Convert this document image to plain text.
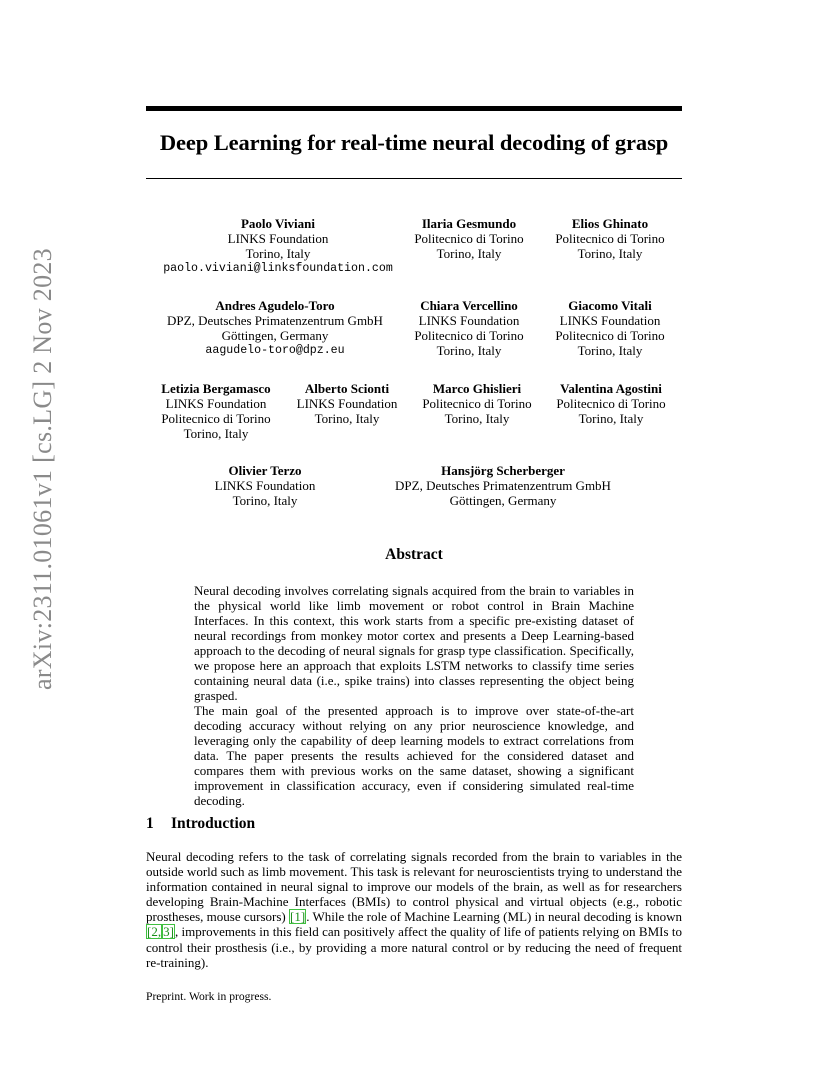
arXiv:2311.01061v1 [cs.LG] 2 Nov 2023
Deep Learning for real-time neural decoding of grasp
Paolo Viviani
LINKS Foundation
Torino, Italy
paolo.viviani@linksfoundation.com
Ilaria Gesmundo
Politecnico di Torino
Torino, Italy
Elios Ghinato
Politecnico di Torino
Torino, Italy
Andres Agudelo-Toro
DPZ, Deutsches Primatenzentrum GmbH
Göttingen, Germany
aagudelo-toro@dpz.eu
Chiara Vercellino
LINKS Foundation
Politecnico di Torino
Torino, Italy
Giacomo Vitali
LINKS Foundation
Politecnico di Torino
Torino, Italy
Letizia Bergamasco
LINKS Foundation
Politecnico di Torino
Torino, Italy
Alberto Scionti
LINKS Foundation
Torino, Italy
Marco Ghislieri
Politecnico di Torino
Torino, Italy
Valentina Agostini
Politecnico di Torino
Torino, Italy
Olivier Terzo
LINKS Foundation
Torino, Italy
Hansjörg Scherberger
DPZ, Deutsches Primatenzentrum GmbH
Göttingen, Germany
Abstract

Neural decoding involves correlating signals acquired from the brain to variables in the physical world like limb movement or robot control in Brain Machine Interfaces. In this context, this work starts from a specific pre-existing dataset of neural recordings from monkey motor cortex and presents a Deep Learning-based approach to the decoding of neural signals for grasp type classification. Specifically, we propose here an approach that exploits LSTM networks to classify time series containing neural data (i.e., spike trains) into classes representing the object being grasped.

The main goal of the presented approach is to improve over state-of-the-art decoding accuracy without relying on any prior neuroscience knowledge, and leveraging only the capability of deep learning models to extract correlations from data. The paper presents the results achieved for the considered dataset and compares them with previous works on the same dataset, showing a significant improvement in classification accuracy, even if considering simulated real-time decoding.

1 Introduction

Neural decoding refers to the task of correlating signals recorded from the brain to variables in the outside world such as limb movement. This task is relevant for neuroscientists trying to understand the information contained in neural signal to improve our models of the brain, as well as for researchers developing Brain-Machine Interfaces (BMIs) to control physical and virtual objects (e.g., robotic prostheses, mouse cursors) [1]. While the role of Machine Learning (ML) in neural decoding is known [2, 3], improvements in this field can positively affect the quality of life of patients relying on BMIs to control their prosthesis (i.e., by providing a more natural control or by reducing the need of frequent re-training).

Preprint. Work in progress.
